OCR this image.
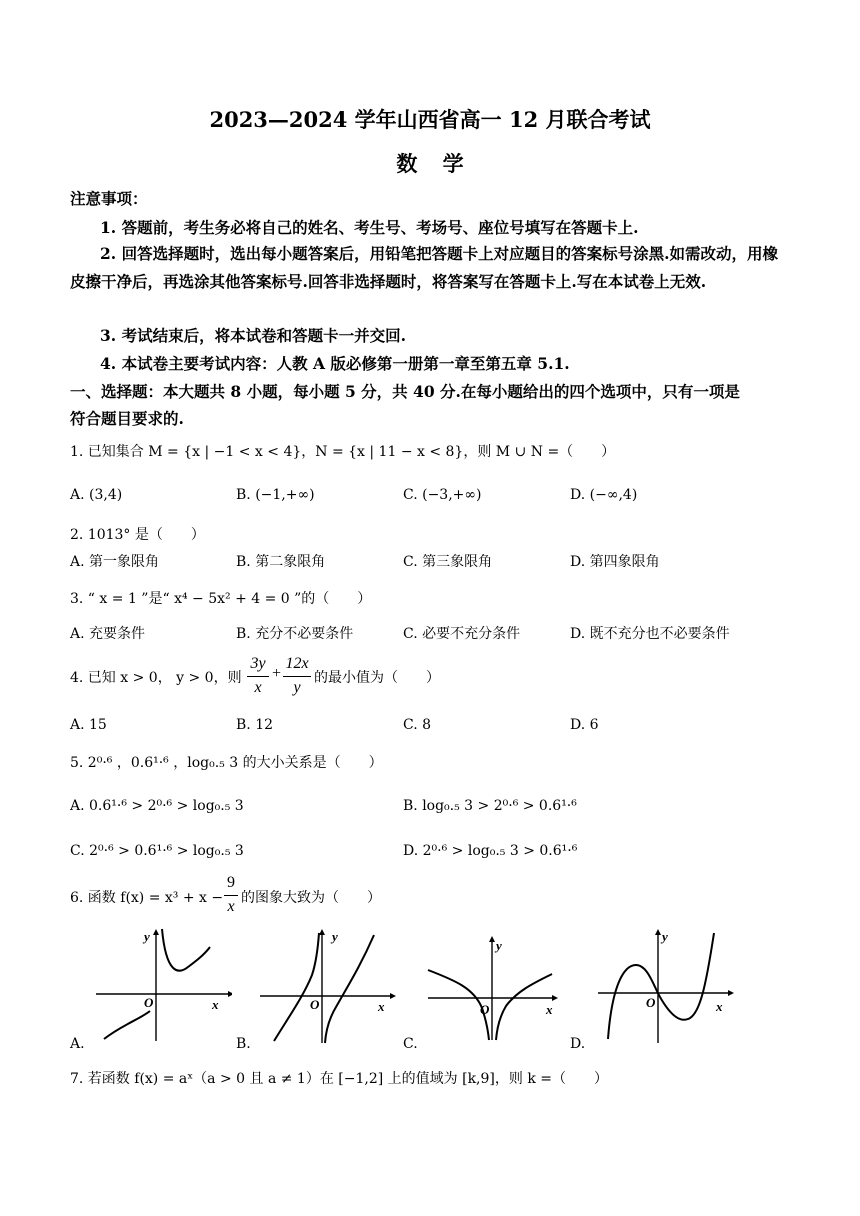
2023—2024 学年山西省高一 12 月联合考试
数 学
注意事项：
1. 答题前，考生务必将自己的姓名、考生号、考场号、座位号填写在答题卡上.
2. 回答选择题时，选出每小题答案后，用铅笔把答题卡上对应题目的答案标号涂黑.如需改动，用橡皮擦干净后，再选涂其他答案标号.回答非选择题时，将答案写在答题卡上.写在本试卷上无效.
3. 考试结束后，将本试卷和答题卡一并交回.
4. 本试卷主要考试内容：人教 A 版必修第一册第一章至第五章 5.1.
一、选择题：本大题共 8 小题，每小题 5 分，共 40 分.在每小题给出的四个选项中，只有一项是
符合题目要求的.
1. 已知集合 M = {x | −1 < x < 4}，N = {x | 11 − x < 8}，则 M ∪ N =（　　）
A. (3,4)	B. (−1,+∞)	C. (−3,+∞)	D. (−∞,4)
2. 1013° 是（　　）
A. 第一象限角	B. 第二象限角	C. 第三象限角	D. 第四象限角
3. “ x = 1 ”是“ x⁴ − 5x² + 4 = 0 ”的（　　）
A. 充要条件	B. 充分不必要条件	C. 必要不充分条件	D. 既不充分也不必要条件
4. 已知 x > 0， y > 0，则
3y
x
+
12x
y
的最小值为（　　）
A. 15	B. 12	C. 8	D. 6
5. 2⁰·⁶ ，0.6¹·⁶ ，log₀.₅ 3 的大小关系是（　　）
A. 0.6¹·⁶ > 2⁰·⁶ > log₀.₅ 3	B. log₀.₅ 3 > 2⁰·⁶ > 0.6¹·⁶
C. 2⁰·⁶ > 0.6¹·⁶ > log₀.₅ 3	D. 2⁰·⁶ > log₀.₅ 3 > 0.6¹·⁶
6. 函数 f(x) = x³ + x −
9
x 的图象大致为（　　）
y
x
O
y
x
O
y
x
O
y
x
O
A.	B.	C.	D.
7. 若函数 f(x) = aˣ（a > 0 且 a ≠ 1）在 [−1,2] 上的值域为 [k,9]，则 k =（　　）
